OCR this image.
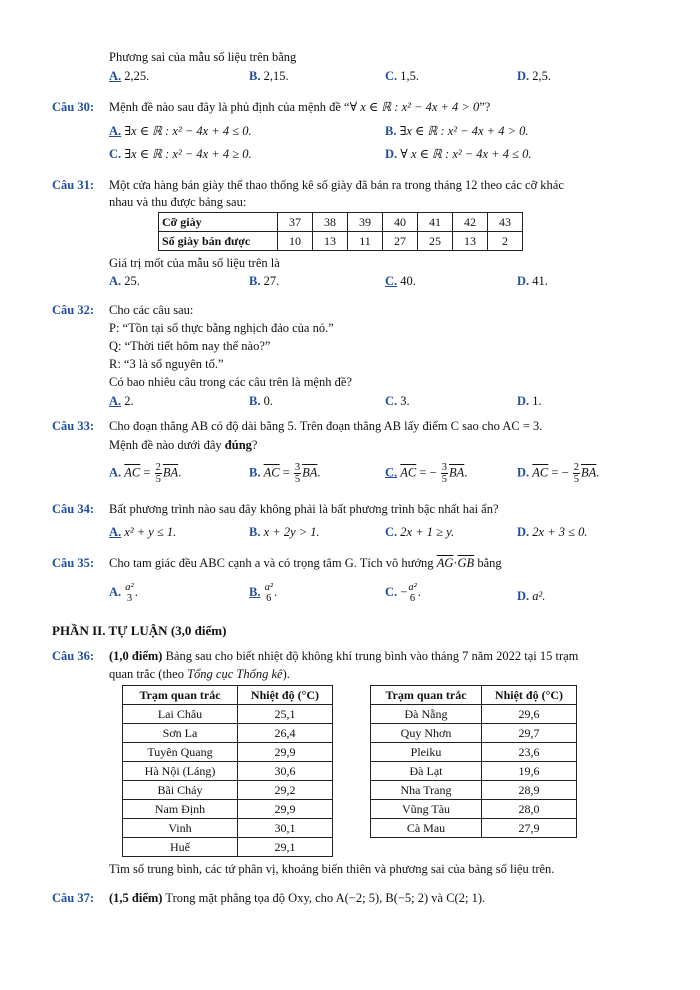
Phương sai của mẫu số liệu trên bằng
A. 2,25.	B. 2,15.	C. 1,5.	D. 2,5.
Câu 30: Mệnh đề nào sau đây là phủ định của mệnh đề “∀ x ∈ ℝ : x² − 4x + 4 > 0”?
A. ∃x ∈ ℝ : x² − 4x + 4 ≤ 0.	B. ∃x ∈ ℝ : x² − 4x + 4 > 0.
C. ∃x ∈ ℝ : x² − 4x + 4 ≥ 0.	D. ∀ x ∈ ℝ : x² − 4x + 4 ≤ 0.
Câu 31: Một cửa hàng bán giày thể thao thống kê số giày đã bán ra trong tháng 12 theo các cỡ khác
nhau và thu được bảng sau:
Cỡ giày	37	38	39	40	41	42	43
Số giày bán được	10	13	11	27	25	13	2
Giá trị mốt của mẫu số liệu trên là
A. 25.	B. 27.	C. 40.	D. 41.
Câu 32: Cho các câu sau:
P: “Tồn tại số thực bằng nghịch đảo của nó.”
Q: “Thời tiết hôm nay thế nào?”
R: “3 là số nguyên tố.”
Có bao nhiêu câu trong các câu trên là mệnh đề?
A. 2.	B. 0.	C. 3.	D. 1.
Câu 33: Cho đoạn thẳng AB có độ dài bằng 5. Trên đoạn thẳng AB lấy điểm C sao cho AC = 3.
Mệnh đề nào dưới đây đúng?
A. $\overline{AC} = \frac{2}{5} \overline{BA}$.	B. $\overline{AC} = \frac{3}{5} \overline{BA}$.	C. $\overline{AC}$ = − $\frac{3}{5} \overline{BA}$.	D. $\overline{AC}$ = − $\frac{2}{5} \overline{BA}$.
Câu 34: Bất phương trình nào sau đây không phải là bất phương trình bậc nhất hai ẩn?
A. x² + y ≤ 1.	B. x + 2y > 1.	C. 2x + 1 ≥ y.	D. 2x + 3 ≤ 0.
Câu 35: Cho tam giác đều ABC cạnh a và có trọng tâm G. Tích vô hướng $\overline{AG}\cdot\overline{GB}$ bằng
A. a²
3 .	B. a²
6 .	C. − a²
6 .	D. a².
PHẦN II. TỰ LUẬN (3,0 điểm)
Câu 36: (1,0 điểm) Bảng sau cho biết nhiệt độ không khí trung bình vào tháng 7 năm 2022 tại 15 trạm
quan trắc (theo Tổng cục Thống kê).
Trạm quan trắc	Nhiệt độ (°C)
Lai Châu	25,1
Sơn La	26,4
Tuyên Quang	29,9
Hà Nội (Láng)	30,6
Bãi Cháy	29,2
Nam Định	29,9
Vinh	30,1
Huế	29,1
Trạm quan trắc	Nhiệt độ (°C)
Đà Nẵng	29,6
Quy Nhơn	29,7
Pleiku	23,6
Đà Lạt	19,6
Nha Trang	28,9
Vũng Tàu	28,0
Cà Mau	27,9
Tìm số trung bình, các tứ phân vị, khoảng biến thiên và phương sai của bảng số liệu trên.
Câu 37: (1,5 điểm) Trong mặt phẳng tọa độ Oxy, cho A(−2; 5), B(−5; 2) và C(2; 1).
